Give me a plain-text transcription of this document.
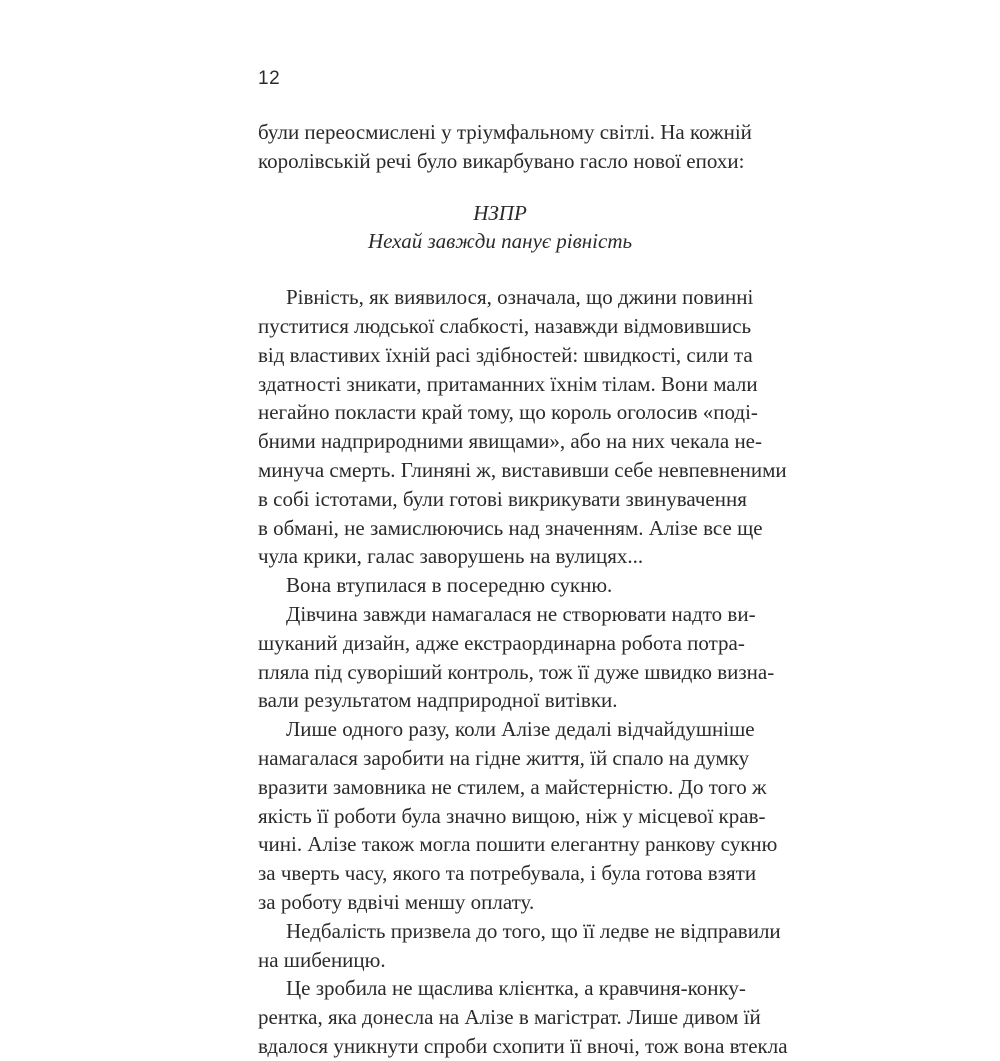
12
були переосмислені у тріумфальному світлі. На кожній
королівській речі було викарбувано гасло нової епохи:
НЗПР
Нехай завжди панує рівність
Рівність, як виявилося, означала, що джини повинні
пуститися людської слабкості, назавжди відмовившись
від властивих їхній расі здібностей: швидкості, сили та
здатності зникати, притаманних їхнім тілам. Вони мали
негайно покласти край тому, що король оголосив «поді-
бними надприродними явищами», або на них чекала не-
минуча смерть. Глиняні ж, виставивши себе невпевненими
в собі істотами, були готові викрикувати звинувачення
в обмані, не замислюючись над значенням. Алізе все ще
чула крики, галас заворушень на вулицях...
Вона втупилася в посередню сукню.
Дівчина завжди намагалася не створювати надто ви-
шуканий дизайн, адже екстраординарна робота потра-
пляла під суворіший контроль, тож її дуже швидко визна-
вали результатом надприродної витівки.
Лише одного разу, коли Алізе дедалі відчайдушніше
намагалася заробити на гідне життя, їй спало на думку
вразити замовника не стилем, а майстерністю. До того ж
якість її роботи була значно вищою, ніж у місцевої крав-
чині. Алізе також могла пошити елегантну ранкову сукню
за чверть часу, якого та потребувала, і була готова взяти
за роботу вдвічі меншу оплату.
Недбалість призвела до того, що її ледве не відправили
на шибеницю.
Це зробила не щаслива клієнтка, а кравчиня-конку-
рентка, яка донесла на Алізе в магістрат. Лише дивом їй
вдалося уникнути спроби схопити її вночі, тож вона втекла
